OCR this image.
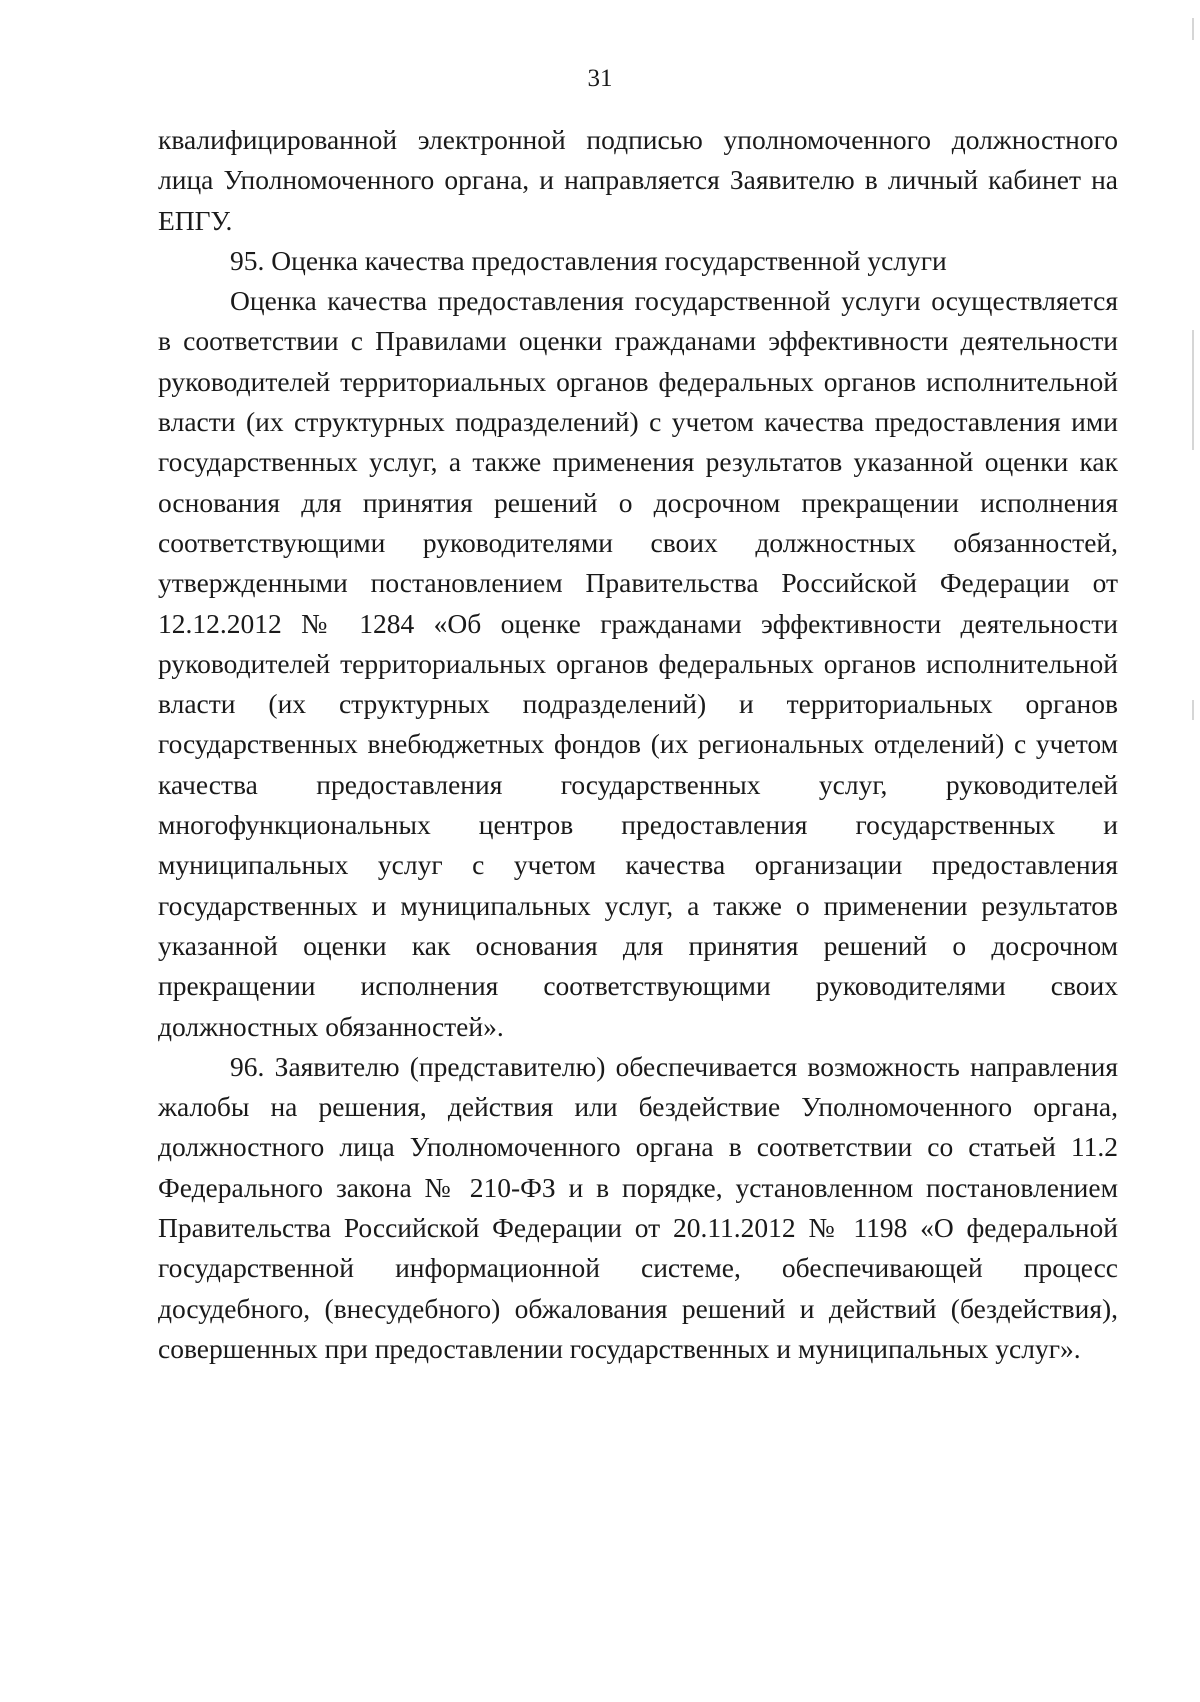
31

квалифицированной электронной подписью уполномоченного должностного лица Уполномоченного органа, и направляется Заявителю в личный кабинет на ЕПГУ.

95. Оценка качества предоставления государственной услуги

Оценка качества предоставления государственной услуги осуществляется в соответствии с Правилами оценки гражданами эффективности деятельности руководителей территориальных органов федеральных органов исполнительной власти (их структурных подразделений) с учетом качества предоставления ими государственных услуг, а также применения результатов указанной оценки как основания для принятия решений о досрочном прекращении исполнения соответствующими руководителями своих должностных обязанностей, утвержденными постановлением Правительства Российской Федерации от 12.12.2012 № 1284 «Об оценке гражданами эффективности деятельности руководителей территориальных органов федеральных органов исполнительной власти (их структурных подразделений) и территориальных органов государственных внебюджетных фондов (их региональных отделений) с учетом качества предоставления государственных услуг, руководителей многофункциональных центров предоставления государственных и муниципальных услуг с учетом качества организации предоставления государственных и муниципальных услуг, а также о применении результатов указанной оценки как основания для принятия решений о досрочном прекращении исполнения соответствующими руководителями своих должностных обязанностей».

96. Заявителю (представителю) обеспечивается возможность направления жалобы на решения, действия или бездействие Уполномоченного органа, должностного лица Уполномоченного органа в соответствии со статьей 11.2 Федерального закона № 210-ФЗ и в порядке, установленном постановлением Правительства Российской Федерации от 20.11.2012 № 1198 «О федеральной государственной информационной системе, обеспечивающей процесс досудебного, (внесудебного) обжалования решений и действий (бездействия), совершенных при предоставлении государственных и муниципальных услуг».
